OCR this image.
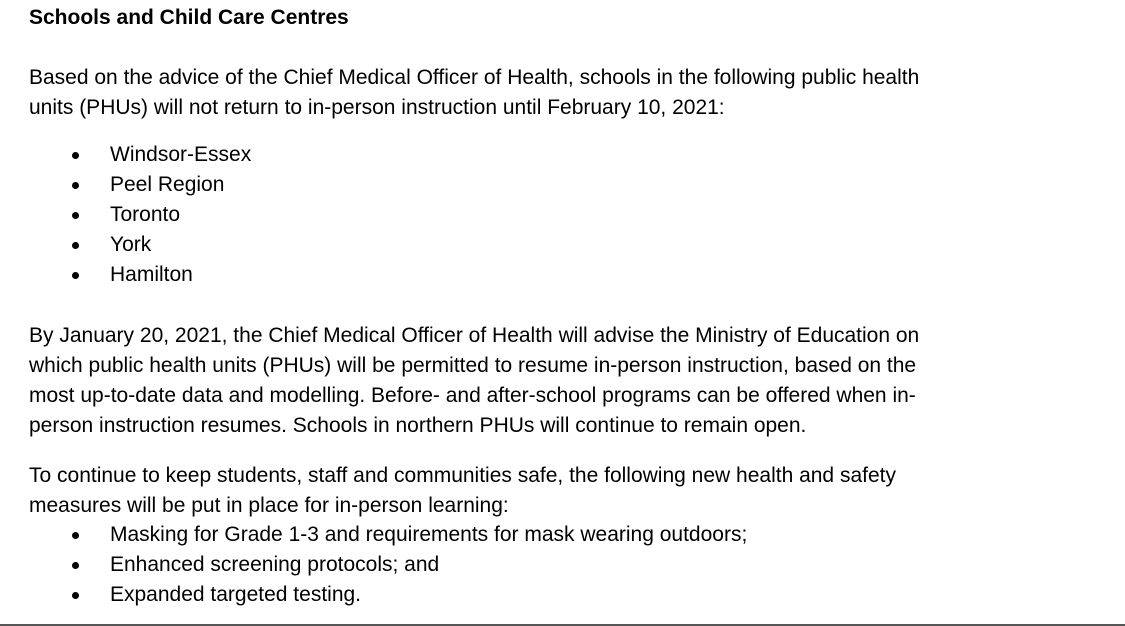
Schools and Child Care Centres

Based on the advice of the Chief Medical Officer of Health, schools in the following public health
units (PHUs) will not return to in-person instruction until February 10, 2021:

Windsor-Essex
Peel Region
Toronto
York
Hamilton

By January 20, 2021, the Chief Medical Officer of Health will advise the Ministry of Education on
which public health units (PHUs) will be permitted to resume in-person instruction, based on the
most up-to-date data and modelling. Before- and after-school programs can be offered when in-
person instruction resumes. Schools in northern PHUs will continue to remain open.

To continue to keep students, staff and communities safe, the following new health and safety
measures will be put in place for in-person learning:

Masking for Grade 1-3 and requirements for mask wearing outdoors;
Enhanced screening protocols; and
Expanded targeted testing.
